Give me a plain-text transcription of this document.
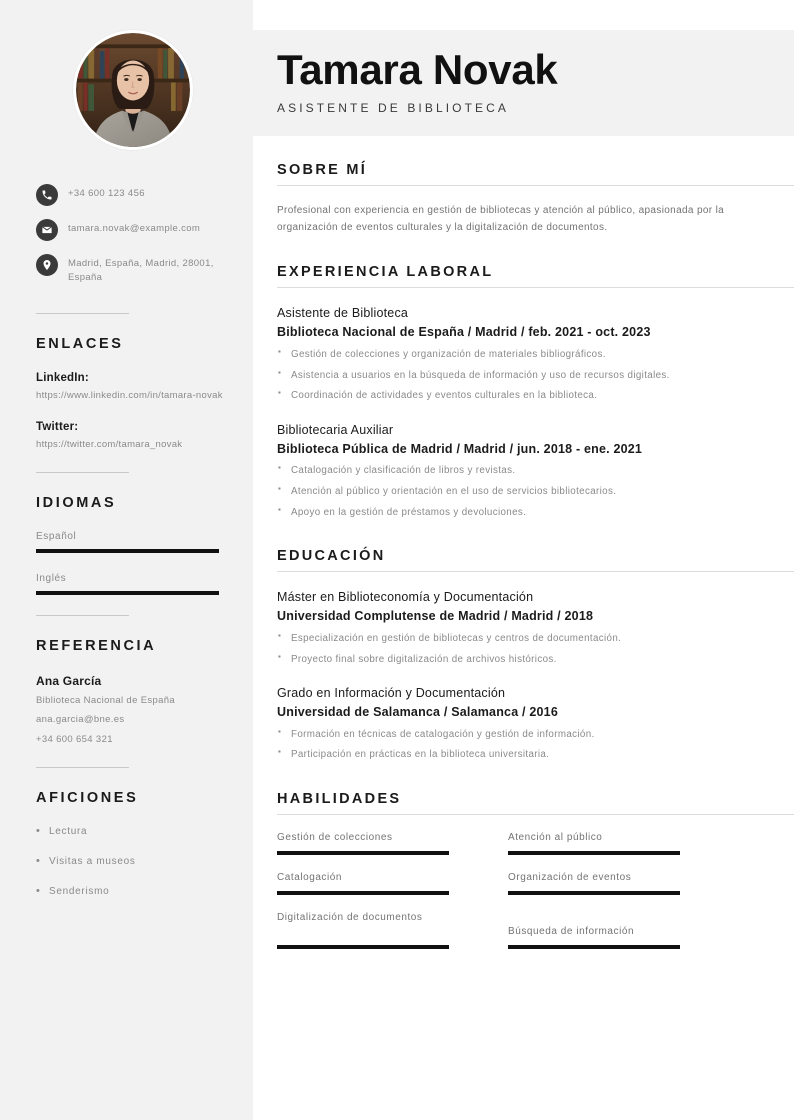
+34 600 123 456
tamara.novak@example.com
Madrid, España, Madrid, 28001, España
ENLACES
LinkedIn:
https://www.linkedin.com/in/tamara-novak
Twitter:
https://twitter.com/tamara_novak
IDIOMAS
Español
Inglés
REFERENCIA
Ana García
Biblioteca Nacional de España
ana.garcia@bne.es
+34 600 654 321
AFICIONES
• Lectura
• Visitas a museos
• Senderismo
Tamara Novak
ASISTENTE DE BIBLIOTECA
SOBRE MÍ

Profesional con experiencia en gestión de bibliotecas y atención al público, apasionada por la organización de eventos culturales y la digitalización de documentos.

EXPERIENCIA LABORAL
Asistente de Biblioteca
Biblioteca Nacional de España / Madrid / feb. 2021 - oct. 2023
▪ Gestión de colecciones y organización de materiales bibliográficos.
▪ Asistencia a usuarios en la búsqueda de información y uso de recursos digitales.
▪ Coordinación de actividades y eventos culturales en la biblioteca.
Bibliotecaria Auxiliar
Biblioteca Pública de Madrid / Madrid / jun. 2018 - ene. 2021
▪ Catalogación y clasificación de libros y revistas.
▪ Atención al público y orientación en el uso de servicios bibliotecarios.
▪ Apoyo en la gestión de préstamos y devoluciones.
EDUCACIÓN
Máster en Biblioteconomía y Documentación
Universidad Complutense de Madrid / Madrid / 2018
▪ Especialización en gestión de bibliotecas y centros de documentación.
▪ Proyecto final sobre digitalización de archivos históricos.
Grado en Información y Documentación
Universidad de Salamanca / Salamanca / 2016
▪ Formación en técnicas de catalogación y gestión de información.
▪ Participación en prácticas en la biblioteca universitaria.
HABILIDADES
Gestión de colecciones	Atención al público
Catalogación	Organización de eventos
Digitalización de documentos
Búsqueda de información
